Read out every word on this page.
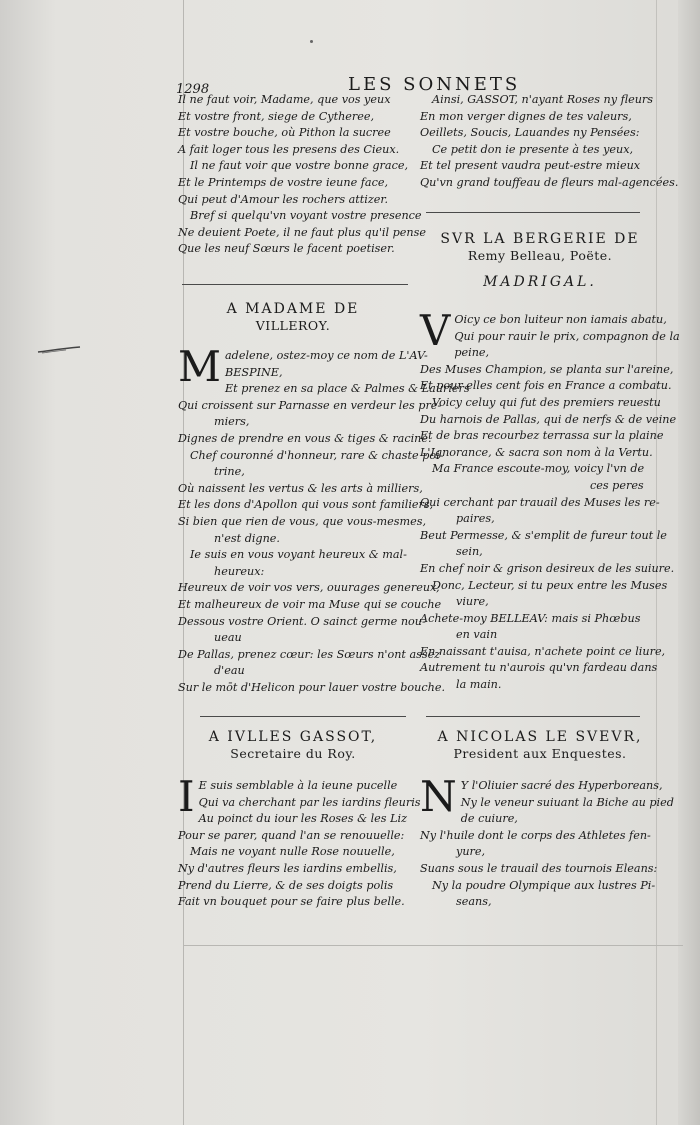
1298	LES SONNETS
Il ne faut voir, Madame, que vos yeux
Et vostre front, siege de Cytheree,
Et vostre bouche, où Pithon la sucree
A fait loger tous les presens des Cieux.
Il ne faut voir que vostre bonne grace,
Et le Printemps de vostre ieune face,
Qui peut d'Amour les rochers attizer.
Bref si quelqu'vn voyant vostre presence
Ne deuient Poete, il ne faut plus qu'il pense
Que les neuf Sœurs le facent poetiser.
A MADAME DE
VILLEROY.
Madelene, ostez-moy ce nom de L'AV-
BESPINE,
Et prenez en sa place & Palmes & Lauriers
Qui croissent sur Parnasse en verdeur les pre-
miers,
Dignes de prendre en vous & tiges & racine.
Chef couronné d'honneur, rare & chaste poi-
trine,
Où naissent les vertus & les arts à milliers,
Et les dons d'Apollon qui vous sont familiers,
Si bien que rien de vous, que vous-mesmes,
n'est digne.
Ie suis en vous voyant heureux & mal-
heureux:
Heureux de voir vos vers, ouurages genereux;
Et malheureux de voir ma Muse qui se couche
Dessous vostre Orient. O sainct germe nou-
ueau
De Pallas, prenez cœur: les Sœurs n'ont assez
d'eau
Sur le mōt d'Helicon pour lauer vostre bouche.
A IVLLES GASSOT,
Secretaire du Roy.
I E suis semblable à la ieune pucelle
Qui va cherchant par les iardins fleuris
Au poinct du iour les Roses & les Liz
Pour se parer, quand l'an se renouuelle:
Mais ne voyant nulle Rose nouuelle,
Ny d'autres fleurs les iardins embellis,
Prend du Lierre, & de ses doigts polis
Fait vn bouquet pour se faire plus belle.
Ainsi, GASSOT, n'ayant Roses ny fleurs
En mon verger dignes de tes valeurs,
Oeillets, Soucis, Lauandes ny Pensées:
Ce petit don ie presente à tes yeux,
Et tel present vaudra peut-estre mieux
Qu'vn grand touffeau de fleurs mal-agencées.
SVR LA BERGERIE DE
Remy Belleau, Poëte.
MADRIGAL.
V Oicy ce bon luiteur non iamais abatu,
Qui pour rauir le prix, compagnon de la
peine,
Des Muses Champion, se planta sur l'areine,
Et pour elles cent fois en France a combatu.
Voicy celuy qui fut des premiers reuestu
Du harnois de Pallas, qui de nerfs & de veine
Et de bras recourbez terrassa sur la plaine
L'Ignorance, & sacra son nom à la Vertu.
Ma France escoute-moy, voicy l'vn de
ces peres
Qui cerchant par trauail des Muses les re-
paires,
Beut Permesse, & s'emplit de fureur tout le
sein,
En chef noir & grison desireux de les suiure.
Donc, Lecteur, si tu peux entre les Muses
viure,
Achete-moy BELLEAV: mais si Phœbus
en vain
En naissant t'auisa, n'achete point ce liure,
Autrement tu n'aurois qu'vn fardeau dans
la main.
A NICOLAS LE SVEVR,
President aux Enquestes.
N Y l'Oliuier sacré des Hyperboreans,
Ny le veneur suiuant la Biche au pied
de cuiure,
Ny l'huile dont le corps des Athletes fen-
yure,
Suans sous le trauail des tournois Eleans:
Ny la poudre Olympique aux lustres Pi-
seans,
